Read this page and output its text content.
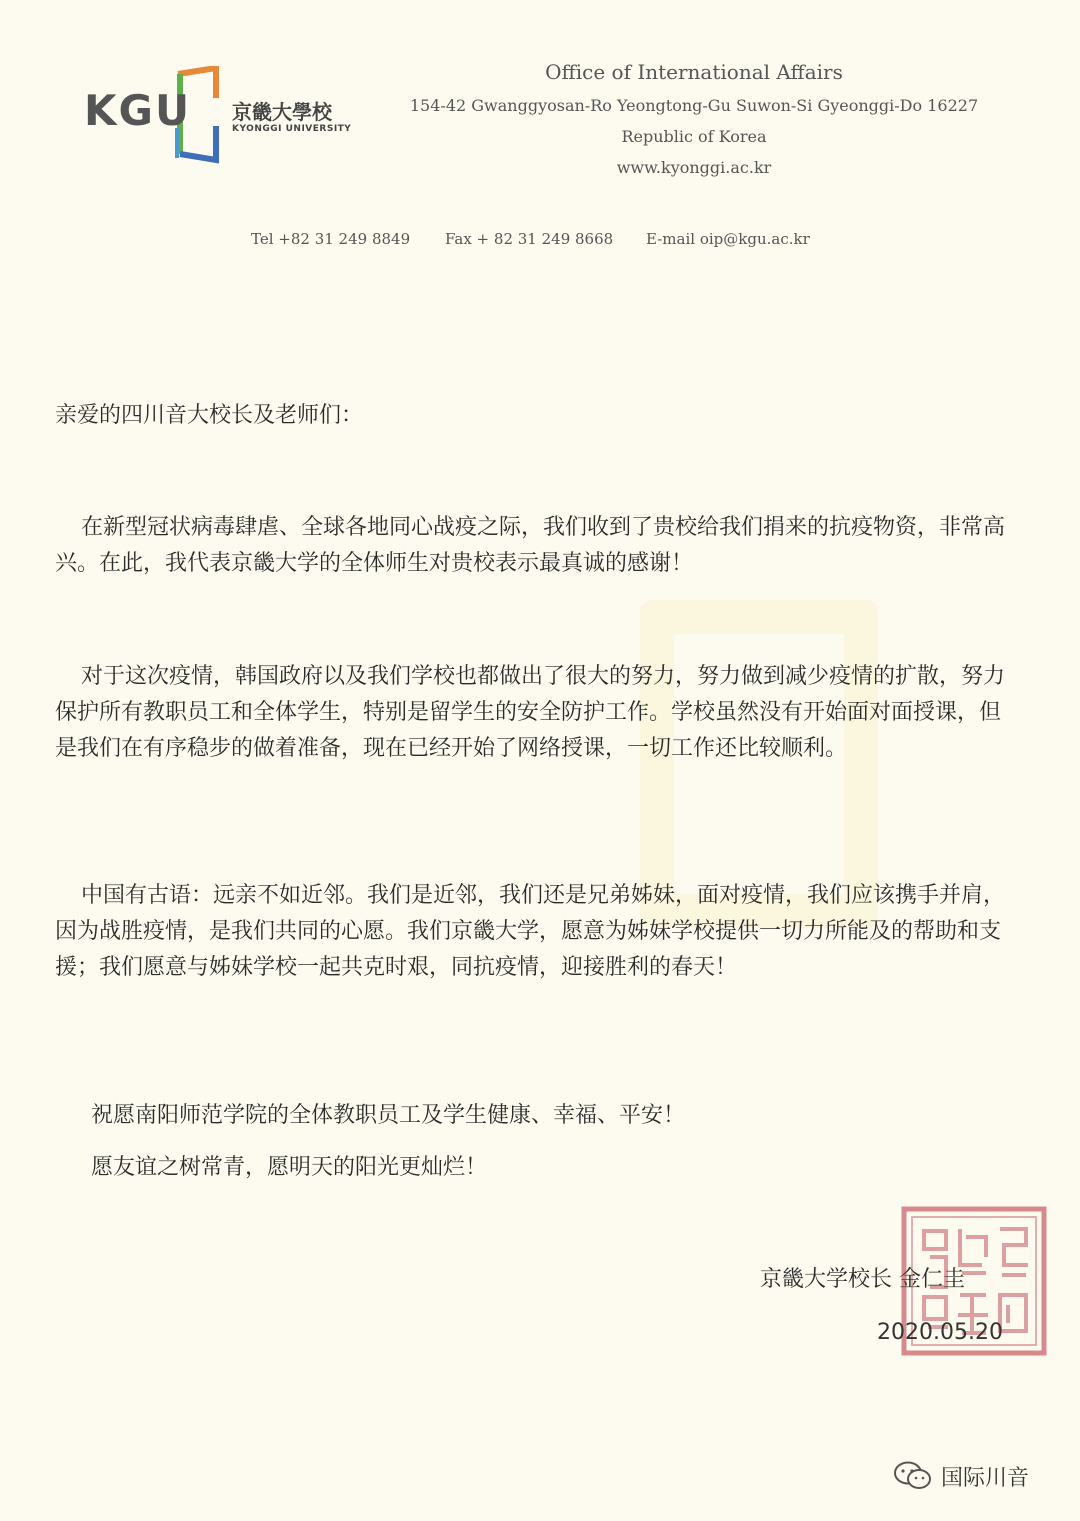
KGU 京畿大學校
KYONGGI UNIVERSITY
Office of International Affairs
154-42 Gwanggyosan-Ro Yeongtong-Gu Suwon-Si Gyeonggi-Do 16227
Republic of Korea
www.kyonggi.ac.kr
Tel +82 31 249 8849 Fax + 82 31 249 8668 E-mail oip@kgu.ac.kr
亲爱的四川音大校长及老师们：

在新型冠状病毒肆虐、全球各地同心战疫之际，我们收到了贵校给我们捐来的抗疫物资，非常高兴。在此，我代表京畿大学的全体师生对贵校表示最真诚的感谢！

对于这次疫情，韩国政府以及我们学校也都做出了很大的努力，努力做到减少疫情的扩散，努力保护所有教职员工和全体学生，特别是留学生的安全防护工作。学校虽然没有开始面对面授课，但是我们在有序稳步的做着准备，现在已经开始了网络授课，一切工作还比较顺利。

中国有古语：远亲不如近邻。我们是近邻，我们还是兄弟姊妹，面对疫情，我们应该携手并肩，因为战胜疫情，是我们共同的心愿。我们京畿大学，愿意为姊妹学校提供一切力所能及的帮助和支援；我们愿意与姊妹学校一起共克时艰，同抗疫情，迎接胜利的春天！

祝愿南阳师范学院的全体教职员工及学生健康、幸福、平安！
愿友谊之树常青，愿明天的阳光更灿烂！
京畿大学校长 金仁圭
2020.05.20
国际川音
